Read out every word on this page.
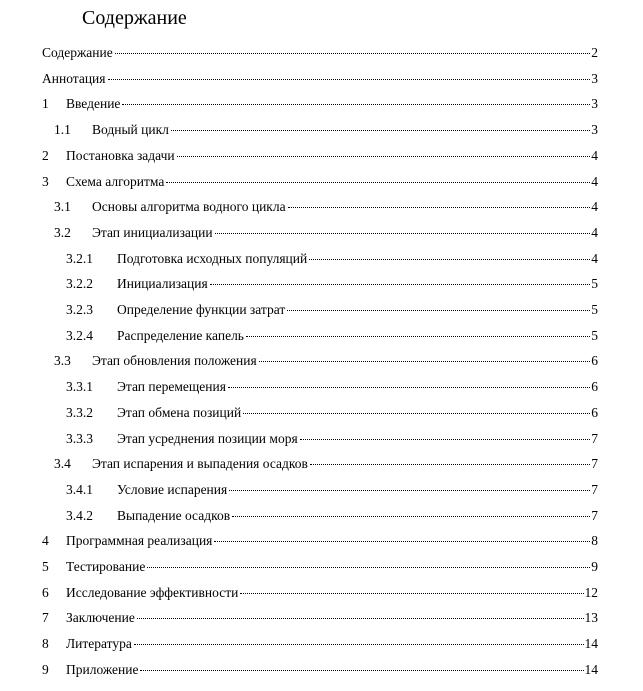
Содержание
Содержание	2
Аннотация	3
1	Введение	3
1.1	Водный цикл	3
2	Постановка задачи	4
3	Схема алгоритма	4
3.1	Основы алгоритма водного цикла	4
3.2	Этап инициализации	4
3.2.1	Подготовка исходных популяций	4
3.2.2	Инициализация	5
3.2.3	Определение функции затрат	5
3.2.4	Распределение капель	5
3.3	Этап обновления положения	6
3.3.1	Этап перемещения	6
3.3.2	Этап обмена позиций	6
3.3.3	Этап усреднения позиции моря	7
3.4	Этап испарения и выпадения осадков	7
3.4.1	Условие испарения	7
3.4.2	Выпадение осадков	7
4	Программная реализация	8
5	Тестирование	9
6	Исследование эффективности	12
7	Заключение	13
8	Литература	14
9	Приложение	14
